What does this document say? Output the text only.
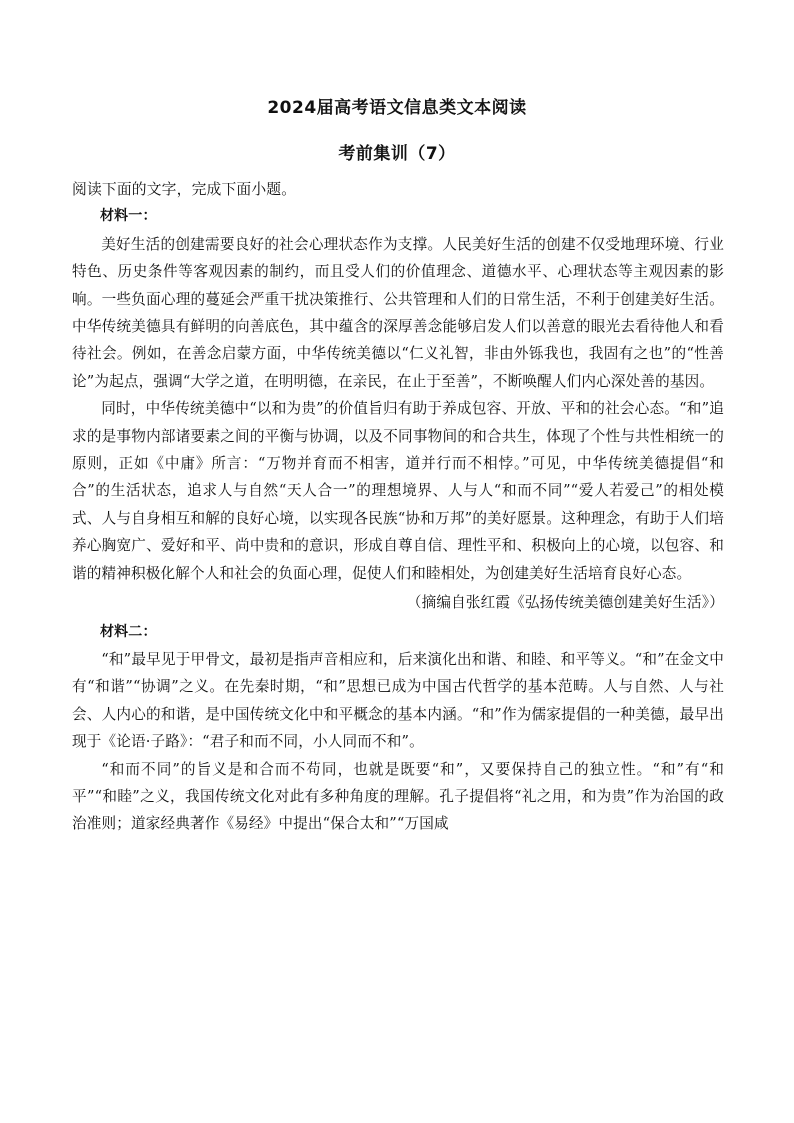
2024届高考语文信息类文本阅读
考前集训（7）

阅读下面的文字，完成下面小题。

材料一：

美好生活的创建需要良好的社会心理状态作为支撑。人民美好生活的创建不仅受地理环境、行业特色、历史条件等客观因素的制约，而且受人们的价值理念、道德水平、心理状态等主观因素的影响。一些负面心理的蔓延会严重干扰决策推行、公共管理和人们的日常生活，不利于创建美好生活。中华传统美德具有鲜明的向善底色，其中蕴含的深厚善念能够启发人们以善意的眼光去看待他人和看待社会。例如，在善念启蒙方面，中华传统美德以“仁义礼智，非由外铄我也，我固有之也”的“性善论”为起点，强调“大学之道，在明明德，在亲民，在止于至善”，不断唤醒人们内心深处善的基因。

同时，中华传统美德中“以和为贵”的价值旨归有助于养成包容、开放、平和的社会心态。“和”追求的是事物内部诸要素之间的平衡与协调，以及不同事物间的和合共生，体现了个性与共性相统一的原则，正如《中庸》所言：“万物并育而不相害，道并行而不相悖。”可见，中华传统美德提倡“和合”的生活状态，追求人与自然“天人合一”的理想境界、人与人“和而不同”“爱人若爱己”的相处模式、人与自身相互和解的良好心境，以实现各民族“协和万邦”的美好愿景。这种理念，有助于人们培养心胸宽广、爱好和平、尚中贵和的意识，形成自尊自信、理性平和、积极向上的心境，以包容、和谐的精神积极化解个人和社会的负面心理，促使人们和睦相处，为创建美好生活培育良好心态。

（摘编自张红霞《弘扬传统美德创建美好生活》）

材料二：

“和”最早见于甲骨文，最初是指声音相应和，后来演化出和谐、和睦、和平等义。“和”在金文中有“和谐”“协调”之义。在先秦时期，“和”思想已成为中国古代哲学的基本范畴。人与自然、人与社会、人内心的和谐，是中国传统文化中和平概念的基本内涵。“和”作为儒家提倡的一种美德，最早出现于《论语·子路》：“君子和而不同，小人同而不和”。

“和而不同”的旨义是和合而不苟同，也就是既要“和”，又要保持自己的独立性。“和”有“和平”“和睦”之义，我国传统文化对此有多种角度的理解。孔子提倡将“礼之用，和为贵”作为治国的政治准则；道家经典著作《易经》中提出“保合太和”“万国咸
